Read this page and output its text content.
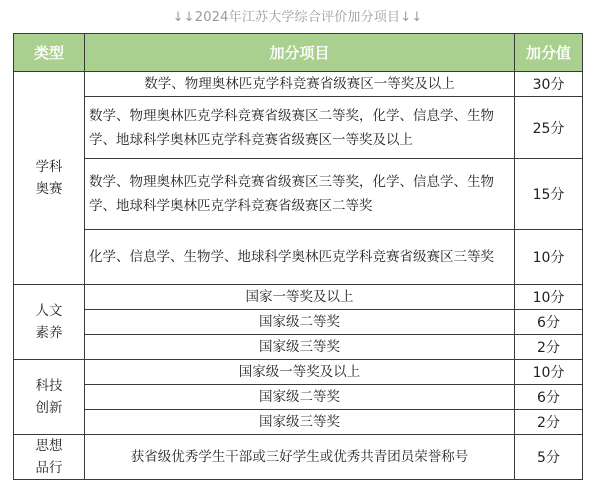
↓↓2024年江苏大学综合评价加分项目↓↓
类型	加分项目	加分值

学科奥赛	数学、物理奥林匹克学科竞赛省级赛区一等奖及以上	30分
	数学、物理奥林匹克学科竞赛省级赛区二等奖，化学、信息学、生物学、地球科学奥林匹克学科竞赛省级赛区一等奖及以上	25分
	数学、物理奥林匹克学科竞赛省级赛区三等奖，化学、信息学、生物学、地球科学奥林匹克学科竞赛省级赛区二等奖	15分
	化学、信息学、生物学、地球科学奥林匹克学科竞赛省级赛区三等奖	10分

人文素养	国家一等奖及以上	10分
	国家级二等奖	6分
	国家级三等奖	2分

科技创新	国家级一等奖及以上	10分
	国家级二等奖	6分
	国家级三等奖	2分

思想品行	获省级优秀学生干部或三好学生或优秀共青团员荣誉称号	5分
